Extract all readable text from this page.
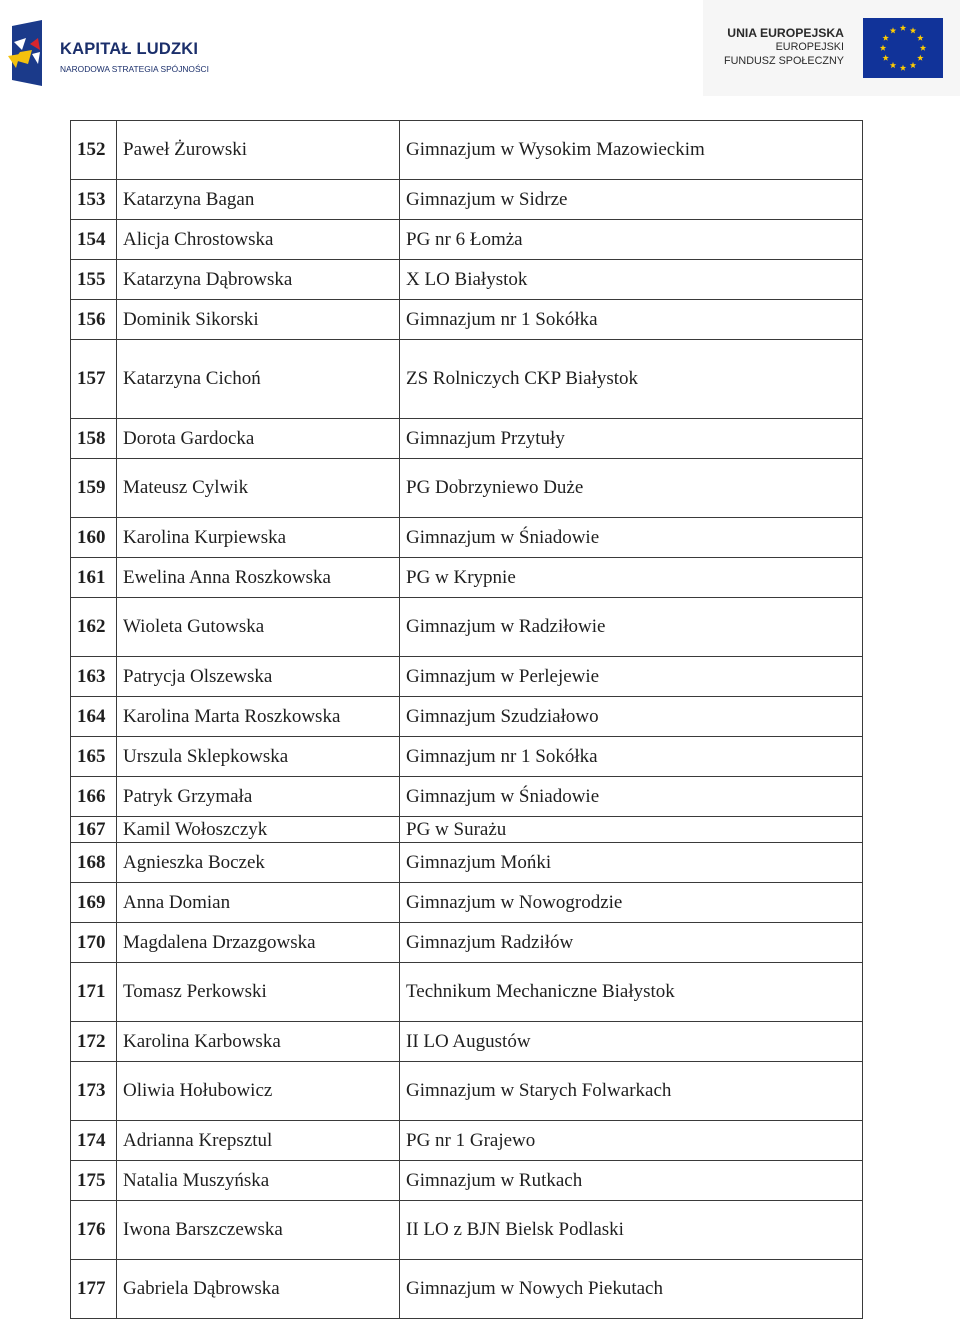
KAPITAŁ LUDZKI
NARODOWA STRATEGIA SPÓJNOŚCI
UNIA EUROPEJSKA
EUROPEJSKI
FUNDUSZ SPOŁECZNY
152	Paweł Żurowski	Gimnazjum w Wysokim Mazowieckim
153	Katarzyna Bagan	Gimnazjum w Sidrze
154	Alicja Chrostowska	PG nr 6 Łomża
155	Katarzyna Dąbrowska	X LO Białystok
156	Dominik Sikorski	Gimnazjum nr 1 Sokółka
157	Katarzyna Cichoń	ZS Rolniczych CKP Białystok
158	Dorota Gardocka	Gimnazjum Przytuły
159	Mateusz Cylwik	PG Dobrzyniewo Duże
160	Karolina Kurpiewska	Gimnazjum w Śniadowie
161	Ewelina Anna Roszkowska	PG w Krypnie
162	Wioleta Gutowska	Gimnazjum w Radziłowie
163	Patrycja Olszewska	Gimnazjum w Perlejewie
164	Karolina Marta Roszkowska	Gimnazjum Szudziałowo
165	Urszula Sklepkowska	Gimnazjum nr 1 Sokółka
166	Patryk Grzymała	Gimnazjum w Śniadowie
167	Kamil Wołoszczyk	PG w Surażu
168	Agnieszka Boczek	Gimnazjum Mońki
169	Anna Domian	Gimnazjum w Nowogrodzie
170	Magdalena Drzazgowska	Gimnazjum Radziłów
171	Tomasz Perkowski	Technikum Mechaniczne Białystok
172	Karolina Karbowska	II LO Augustów
173	Oliwia Hołubowicz	Gimnazjum w Starych Folwarkach
174	Adrianna Krepsztul	PG nr 1 Grajewo
175	Natalia Muszyńska	Gimnazjum w Rutkach
176	Iwona Barszczewska	II LO z BJN Bielsk Podlaski
177	Gabriela Dąbrowska	Gimnazjum w Nowych Piekutach
